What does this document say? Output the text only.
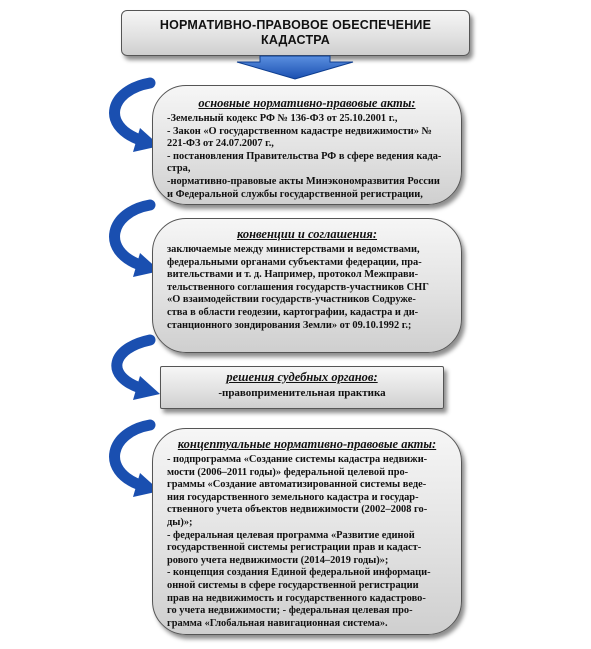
НОРМАТИВНО-ПРАВОВОЕ ОБЕСПЕЧЕНИЕ
КАДАСТРА
основные нормативно-правовые акты:
-Земельный кодекс РФ № 136-ФЗ от 25.10.2001 г.,
- Закон «О государственном кадастре недвижимости» №
221-ФЗ от 24.07.2007 г.,
- постановления Правительства РФ в сфере ведения када-
стра,
-нормативно-правовые акты Минэкономразвития России
и Федеральной службы государственной регистрации,
конвенции и соглашения:
заключаемые между министерствами и ведомствами,
федеральными органами субъектами федерации, пра-
вительствами и т. д. Например, протокол Межправи-
тельственного соглашения государств-участников СНГ
«О взаимодействии государств-участников Содруже-
ства в области геодезии, картографии, кадастра и ди-
станционного зондирования Земли» от 09.10.1992 г.;
решения судебных органов:
-правоприменительная практика
концептуальные нормативно-правовые акты:
- подпрограмма «Создание системы кадастра недвижи-
мости (2006–2011 годы)» федеральной целевой про-
граммы «Создание автоматизированной системы веде-
ния государственного земельного кадастра и государ-
ственного учета объектов недвижимости (2002–2008 го-
ды)»;
- федеральная целевая программа «Развитие единой
государственной системы регистрации прав и кадаст-
рового учета недвижимости (2014–2019 годы)»;
- концепция создания Единой федеральной информаци-
онной системы в сфере государственной регистрации
прав на недвижимость и государственного кадастрово-
го учета недвижимости; - федеральная целевая про-
грамма «Глобальная навигационная система».
